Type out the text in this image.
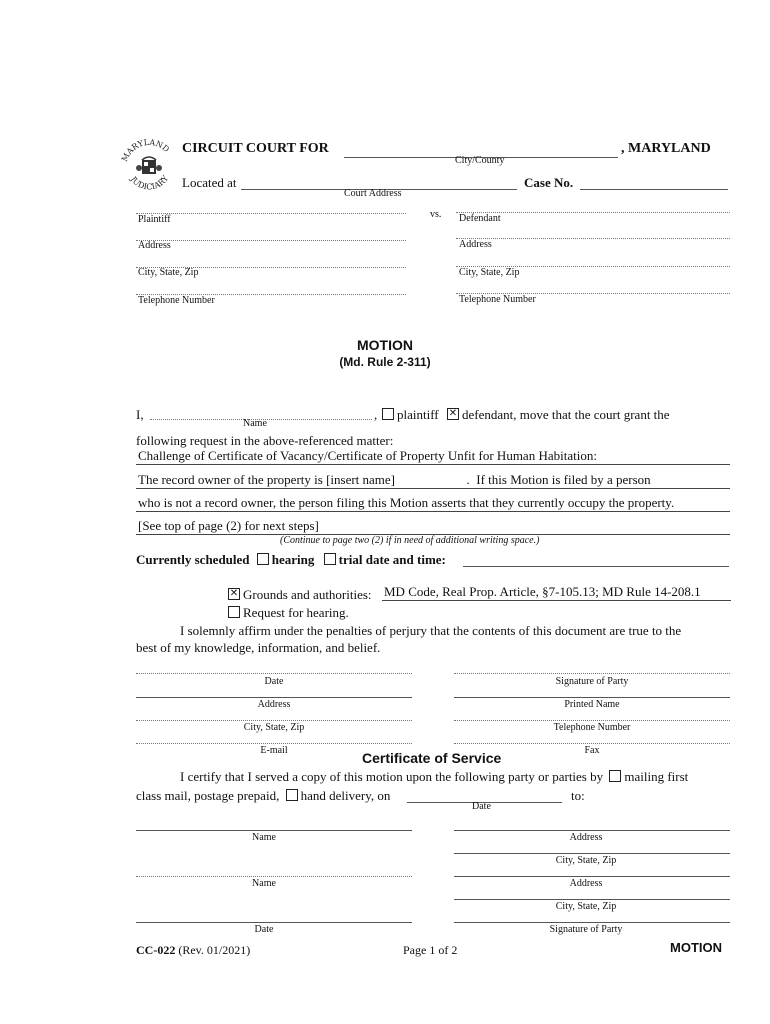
MARYLAND
JUDICIARY
CIRCUIT COURT FOR	, MARYLAND
City/County
Located at	Case No.
Court Address
vs.
Plaintiff
Address
City, State, Zip
Telephone Number
Defendant
Address
City, State, Zip
Telephone Number
MOTION
(Md. Rule 2-311)
I,
Name
,	plaintiff
✕	defendant, move that the court grant the
following request in the above-referenced matter:
Challenge of Certificate of Vacancy/Certificate of Property Unfit for Human Habitation:
The record owner of the property is [insert name]                      .  If this Motion is filed by a person
who is not a record owner, the person filing this Motion asserts that they currently occupy the property.
[See top of page (2) for next steps]
(Continue to page two (2) if in need of additional writing space.)
Currently scheduled hearing trial date and time:
✕Grounds and authorities: MD Code, Real Prop. Article, §7-105.13; MD Rule 14-208.1
Request for hearing.
I solemnly affirm under the penalties of perjury that the contents of this document are true to the
best of my knowledge, information, and belief.
Date
Address
City, State, Zip
E-mail
Signature of Party
Printed Name
Telephone Number
Fax
Certificate of Service
I certify that I served a copy of this motion upon the following party or parties by mailing first
class mail, postage prepaid, hand delivery, on	to:
Date
Name
Name
Date
Address
City, State, Zip
Address
City, State, Zip
Signature of Party
CC-022 (Rev. 01/2021)	Page 1 of 2	MOTION
